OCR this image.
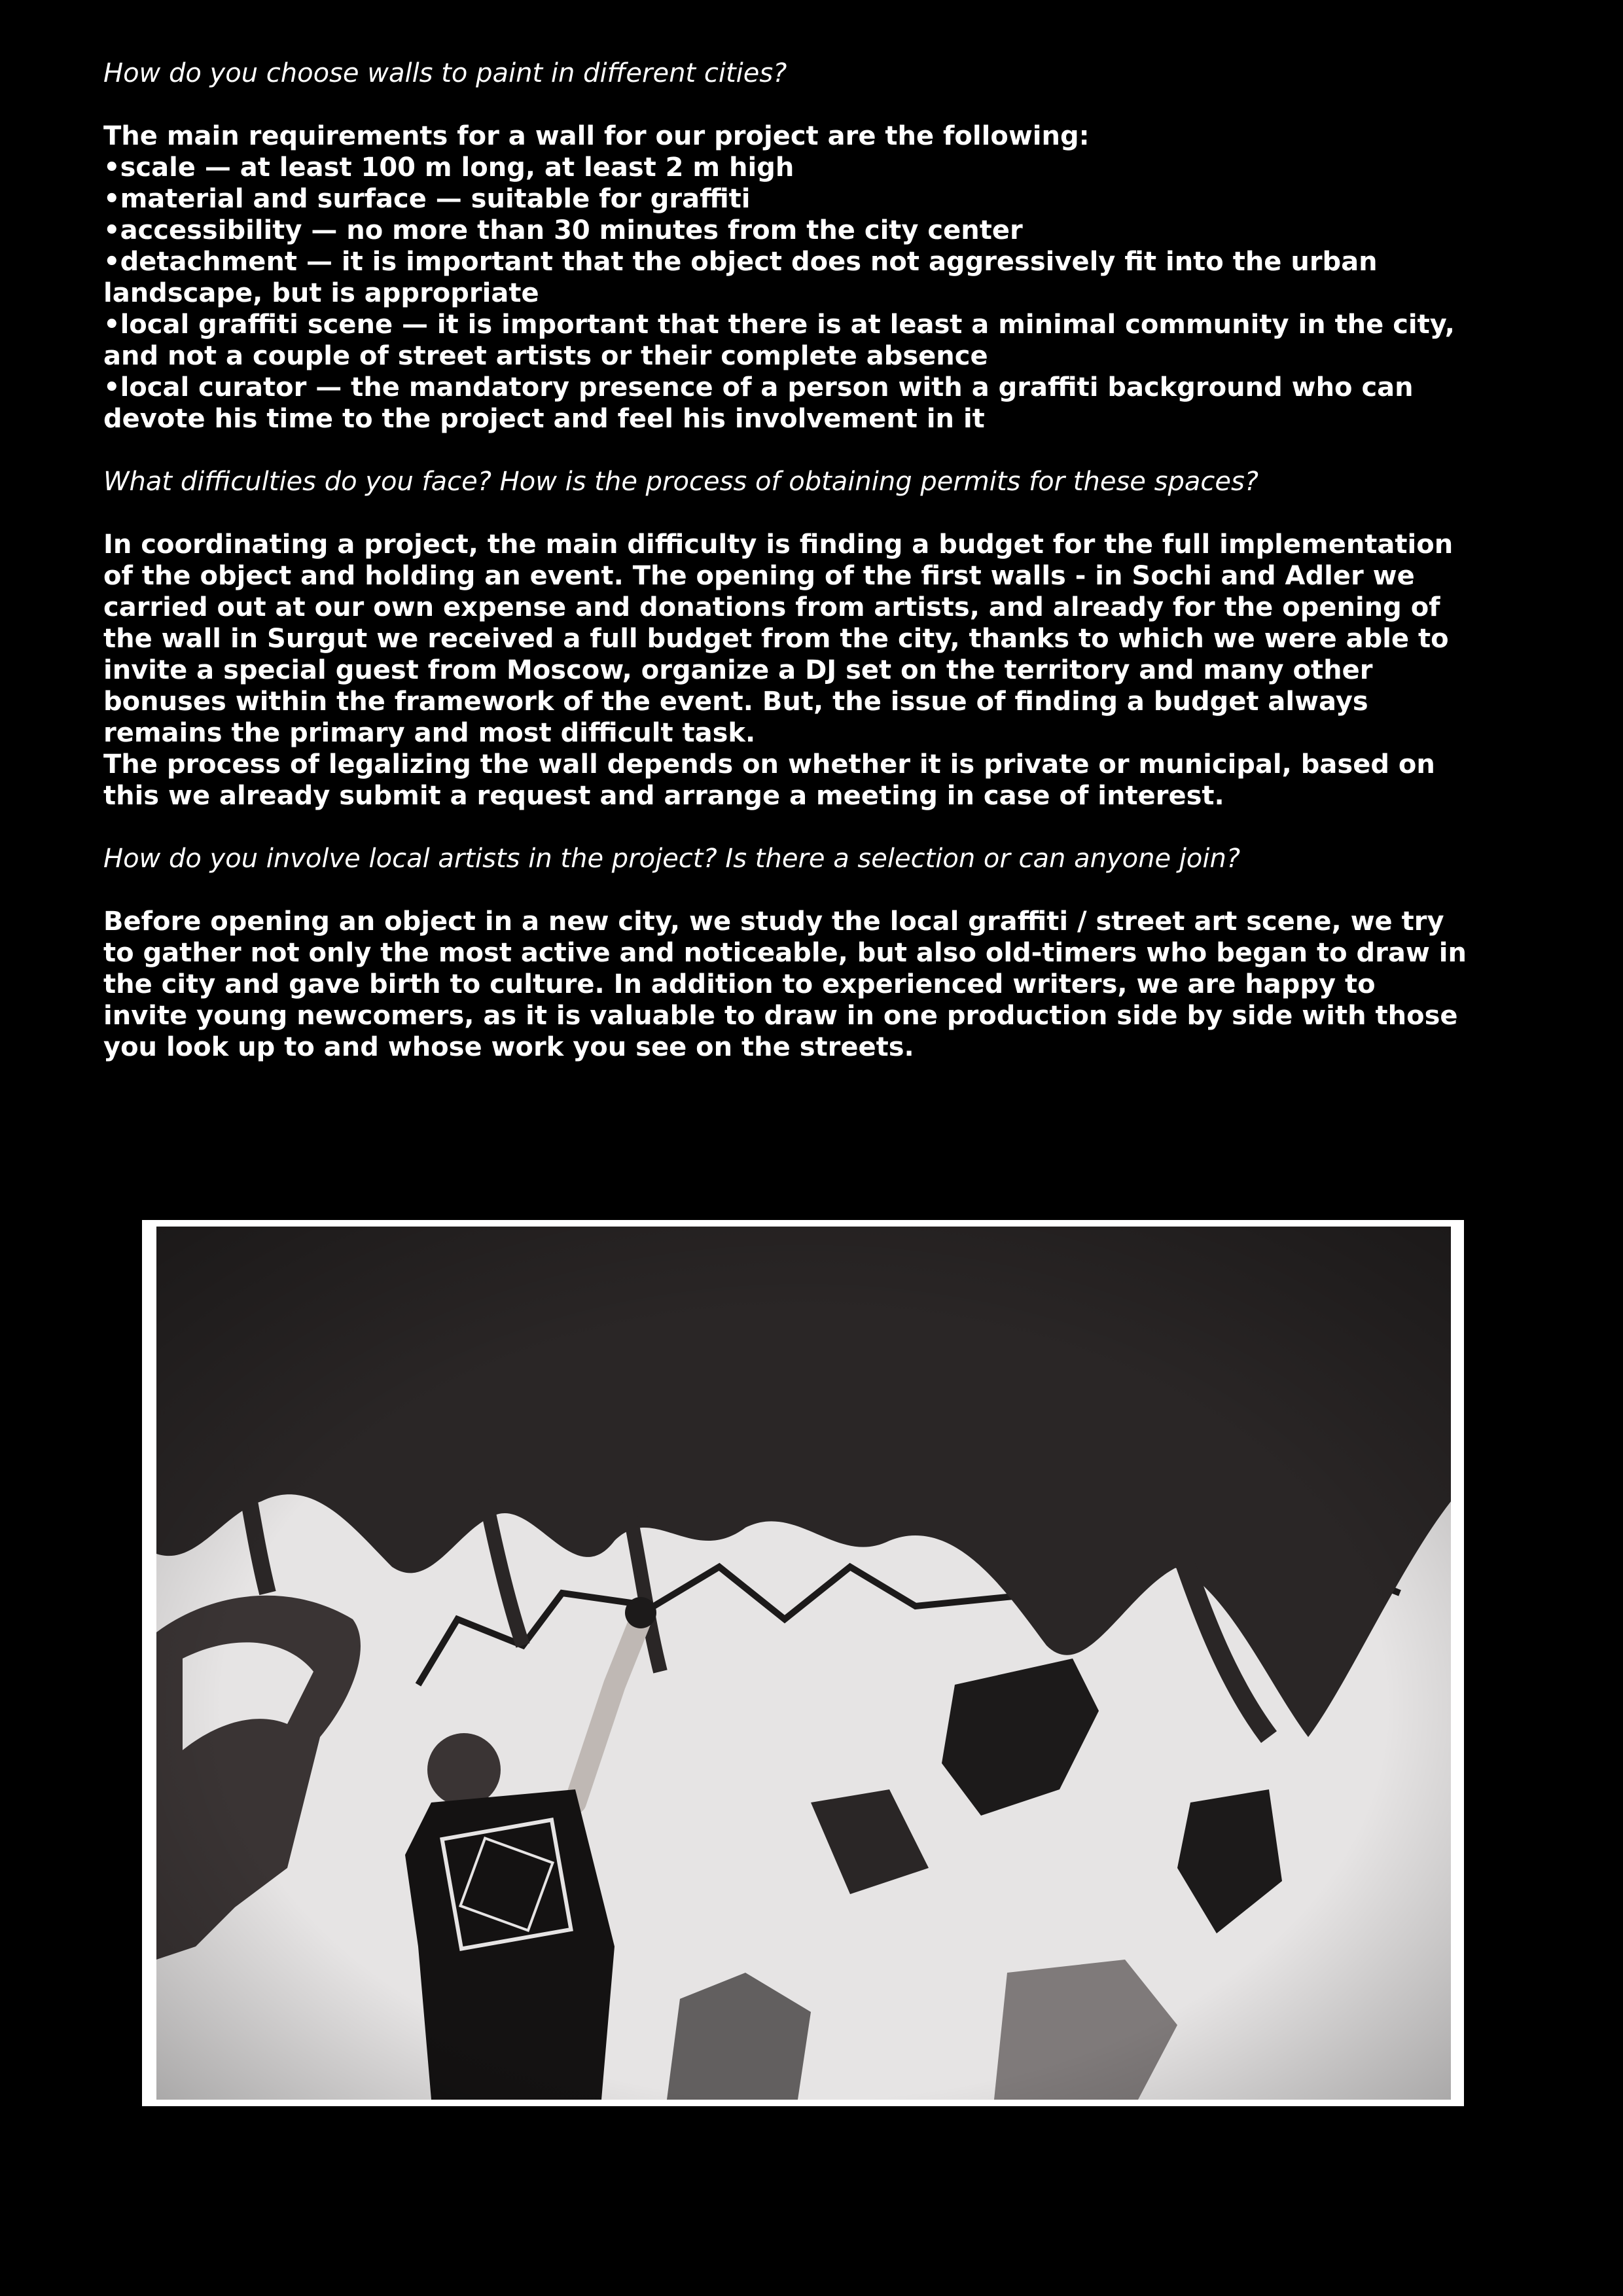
How do you choose walls to paint in different cities?

The main requirements for a wall for our project are the following:
•scale — at least 100 m long, at least 2 m high
•material and surface — suitable for graffiti
•accessibility — no more than 30 minutes from the city center
•detachment — it is important that the object does not aggressively fit into the urban
landscape, but is appropriate
•local graffiti scene — it is important that there is at least a minimal community in the city,
and not a couple of street artists or their complete absence
•local curator — the mandatory presence of a person with a graffiti background who can
devote his time to the project and feel his involvement in it

What difficulties do you face? How is the process of obtaining permits for these spaces?

In coordinating a project, the main difficulty is finding a budget for the full implementation
of the object and holding an event. The opening of the first walls - in Sochi and Adler we
carried out at our own expense and donations from artists, and already for the opening of
the wall in Surgut we received a full budget from the city, thanks to which we were able to
invite a special guest from Moscow, organize a DJ set on the territory and many other
bonuses within the framework of the event. But, the issue of finding a budget always
remains the primary and most difficult task.
The process of legalizing the wall depends on whether it is private or municipal, based on
this we already submit a request and arrange a meeting in case of interest.

How do you involve local artists in the project? Is there a selection or can anyone join?

Before opening an object in a new city, we study the local graffiti / street art scene, we try
to gather not only the most active and noticeable, but also old-timers who began to draw in
the city and gave birth to culture. In addition to experienced writers, we are happy to
invite young newcomers, as it is valuable to draw in one production side by side with those
you look up to and whose work you see on the streets.
